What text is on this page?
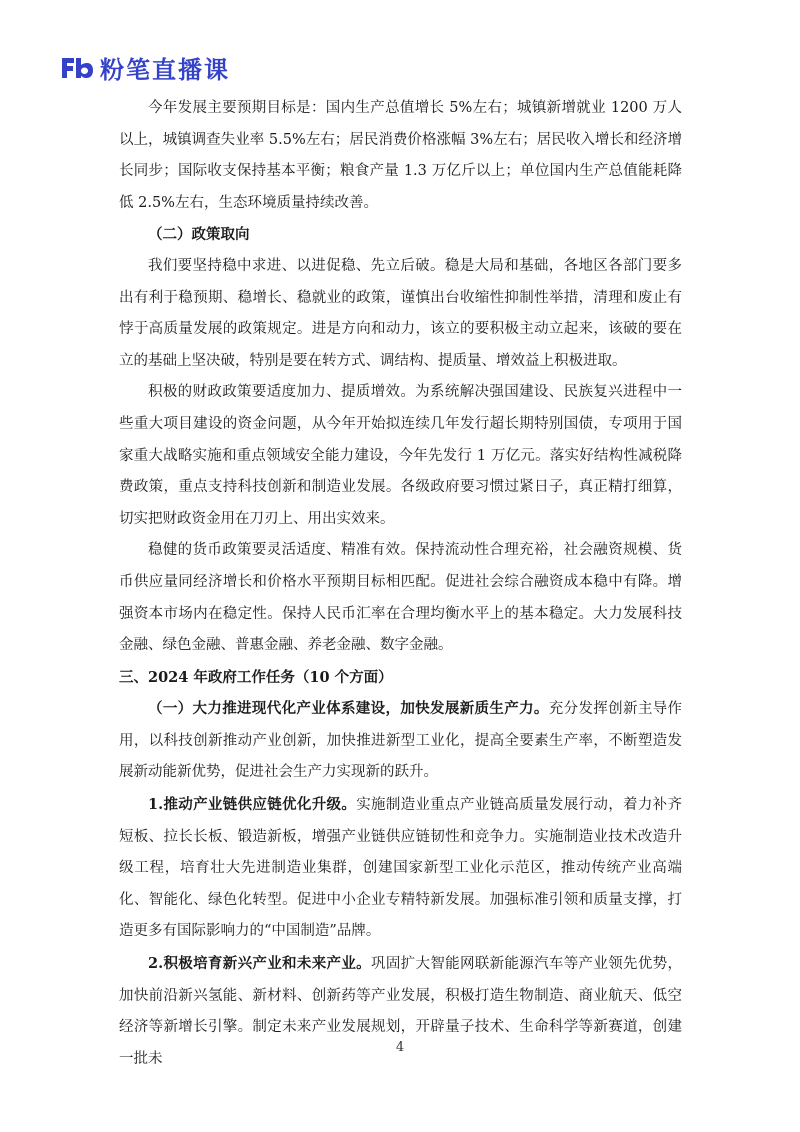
粉笔直播课

今年发展主要预期目标是：国内生产总值增长 5%左右；城镇新增就业 1200 万人以上，城镇调查失业率 5.5%左右；居民消费价格涨幅 3%左右；居民收入增长和经济增长同步；国际收支保持基本平衡；粮食产量 1.3 万亿斤以上；单位国内生产总值能耗降低 2.5%左右，生态环境质量持续改善。

（二）政策取向

我们要坚持稳中求进、以进促稳、先立后破。稳是大局和基础，各地区各部门要多出有利于稳预期、稳增长、稳就业的政策，谨慎出台收缩性抑制性举措，清理和废止有悖于高质量发展的政策规定。进是方向和动力，该立的要积极主动立起来，该破的要在立的基础上坚决破，特别是要在转方式、调结构、提质量、增效益上积极进取。

积极的财政政策要适度加力、提质增效。为系统解决强国建设、民族复兴进程中一些重大项目建设的资金问题，从今年开始拟连续几年发行超长期特别国债，专项用于国家重大战略实施和重点领域安全能力建设，今年先发行 1 万亿元。落实好结构性减税降费政策，重点支持科技创新和制造业发展。各级政府要习惯过紧日子，真正精打细算，切实把财政资金用在刀刃上、用出实效来。

稳健的货币政策要灵活适度、精准有效。保持流动性合理充裕，社会融资规模、货币供应量同经济增长和价格水平预期目标相匹配。促进社会综合融资成本稳中有降。增强资本市场内在稳定性。保持人民币汇率在合理均衡水平上的基本稳定。大力发展科技金融、绿色金融、普惠金融、养老金融、数字金融。

三、2024 年政府工作任务（10 个方面）

（一）大力推进现代化产业体系建设，加快发展新质生产力。充分发挥创新主导作用，以科技创新推动产业创新，加快推进新型工业化，提高全要素生产率，不断塑造发展新动能新优势，促进社会生产力实现新的跃升。

1.推动产业链供应链优化升级。实施制造业重点产业链高质量发展行动，着力补齐短板、拉长长板、锻造新板，增强产业链供应链韧性和竞争力。实施制造业技术改造升级工程，培育壮大先进制造业集群，创建国家新型工业化示范区，推动传统产业高端化、智能化、绿色化转型。促进中小企业专精特新发展。加强标准引领和质量支撑，打造更多有国际影响力的“中国制造”品牌。

2.积极培育新兴产业和未来产业。巩固扩大智能网联新能源汽车等产业领先优势，加快前沿新兴氢能、新材料、创新药等产业发展，积极打造生物制造、商业航天、低空经济等新增长引擎。制定未来产业发展规划，开辟量子技术、生命科学等新赛道，创建一批未

4
